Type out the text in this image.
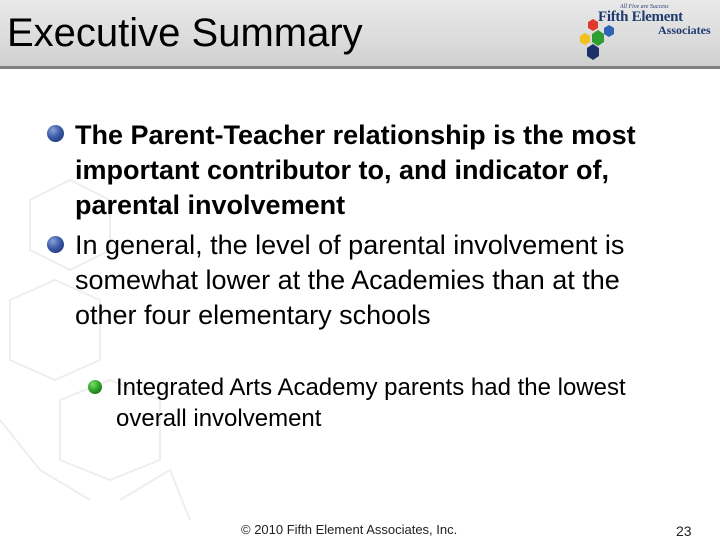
Executive Summary
All Five are Success
Fifth Element
Associates
The Parent-Teacher relationship is the most important contributor to, and indicator of, parental involvement
In general, the level of parental involvement is somewhat lower at the Academies than at the other four elementary schools
Integrated Arts Academy parents had the lowest overall involvement
© 2010 Fifth Element Associates, Inc.	23
